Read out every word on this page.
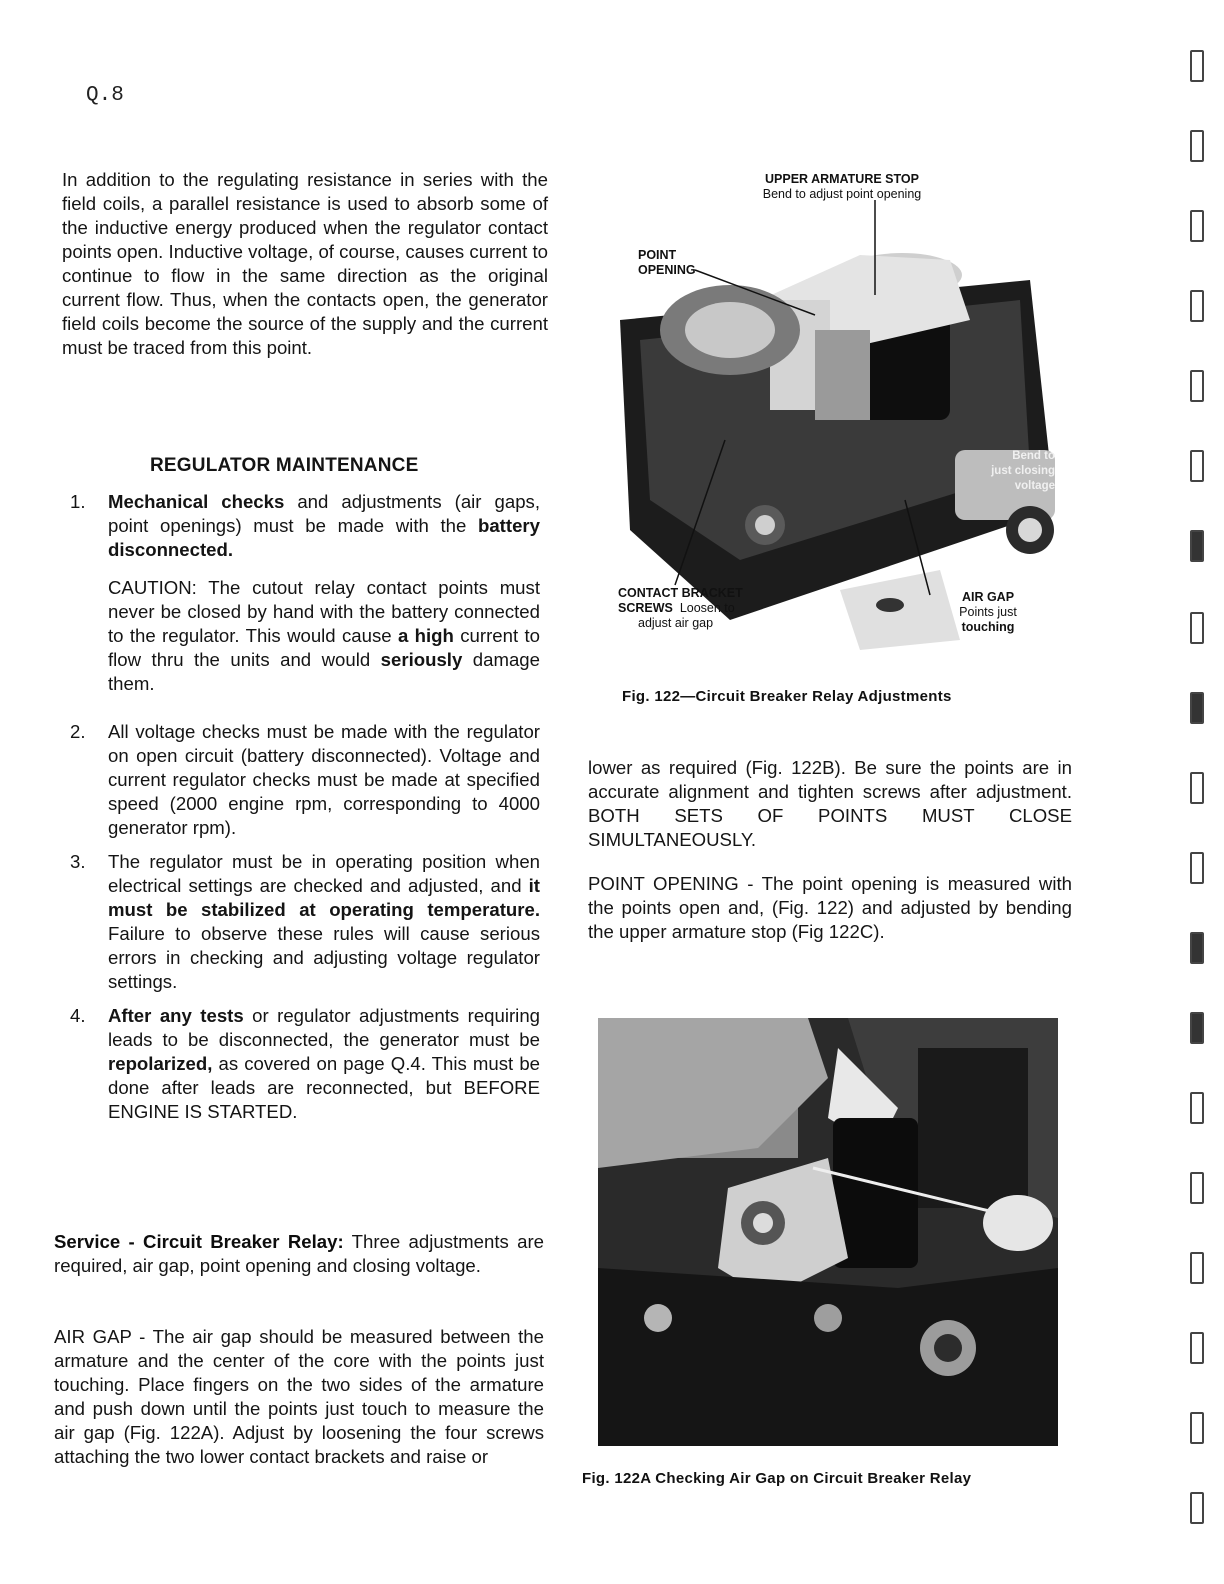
Q.8

In addition to the regulating resistance in series with the field coils, a parallel resistance is used to absorb some of the inductive energy produced when the regulator contact points open. Inductive voltage, of course, causes current to continue to flow in the same direction as the original current flow. Thus, when the contacts open, the generator field coils become the source of the supply and the current must be traced from this point.

REGULATOR MAINTENANCE
1. Mechanical checks and adjustments (air gaps, point openings) must be made with the battery disconnected.

CAUTION: The cutout relay contact points must never be closed by hand with the battery connected to the regulator. This would cause a high current to flow thru the units and would seriously damage them.

2. All voltage checks must be made with the regulator on open circuit (battery disconnected). Voltage and current regulator checks must be made at specified speed (2000 engine rpm, corresponding to 4000 generator rpm).

3. The regulator must be in operating position when electrical settings are checked and adjusted, and it must be stabilized at operating temperature. Failure to observe these rules will cause serious errors in checking and adjusting voltage regulator settings.

4. After any tests or regulator adjustments requiring leads to be disconnected, the generator must be repolarized, as covered on page Q.4. This must be done after leads are reconnected, but BEFORE ENGINE IS STARTED.

Service - Circuit Breaker Relay: Three adjustments are required, air gap, point opening and closing voltage.

AIR GAP - The air gap should be measured between the armature and the center of the core with the points just touching. Place fingers on the two sides of the armature and push down until the points just touch to measure the air gap (Fig. 122A). Adjust by loosening the four screws attaching the two lower contact brackets and raise or

UPPER ARMATURE STOP
Bend to adjust point opening
POINT
OPENING
CONTACT BRACKET
SCREWS Loosen to
adjust air gap
AIR GAP
Points just
touching
Bend to
just closing
voltage
Fig. 122—Circuit Breaker Relay Adjustments

lower as required (Fig. 122B). Be sure the points are in accurate alignment and tighten screws after adjustment. BOTH SETS OF POINTS MUST CLOSE SIMULTANEOUSLY.

POINT OPENING - The point opening is measured with the points open and, (Fig. 122) and adjusted by bending the upper armature stop (Fig 122C).

Fig. 122A Checking Air Gap on Circuit Breaker Relay
